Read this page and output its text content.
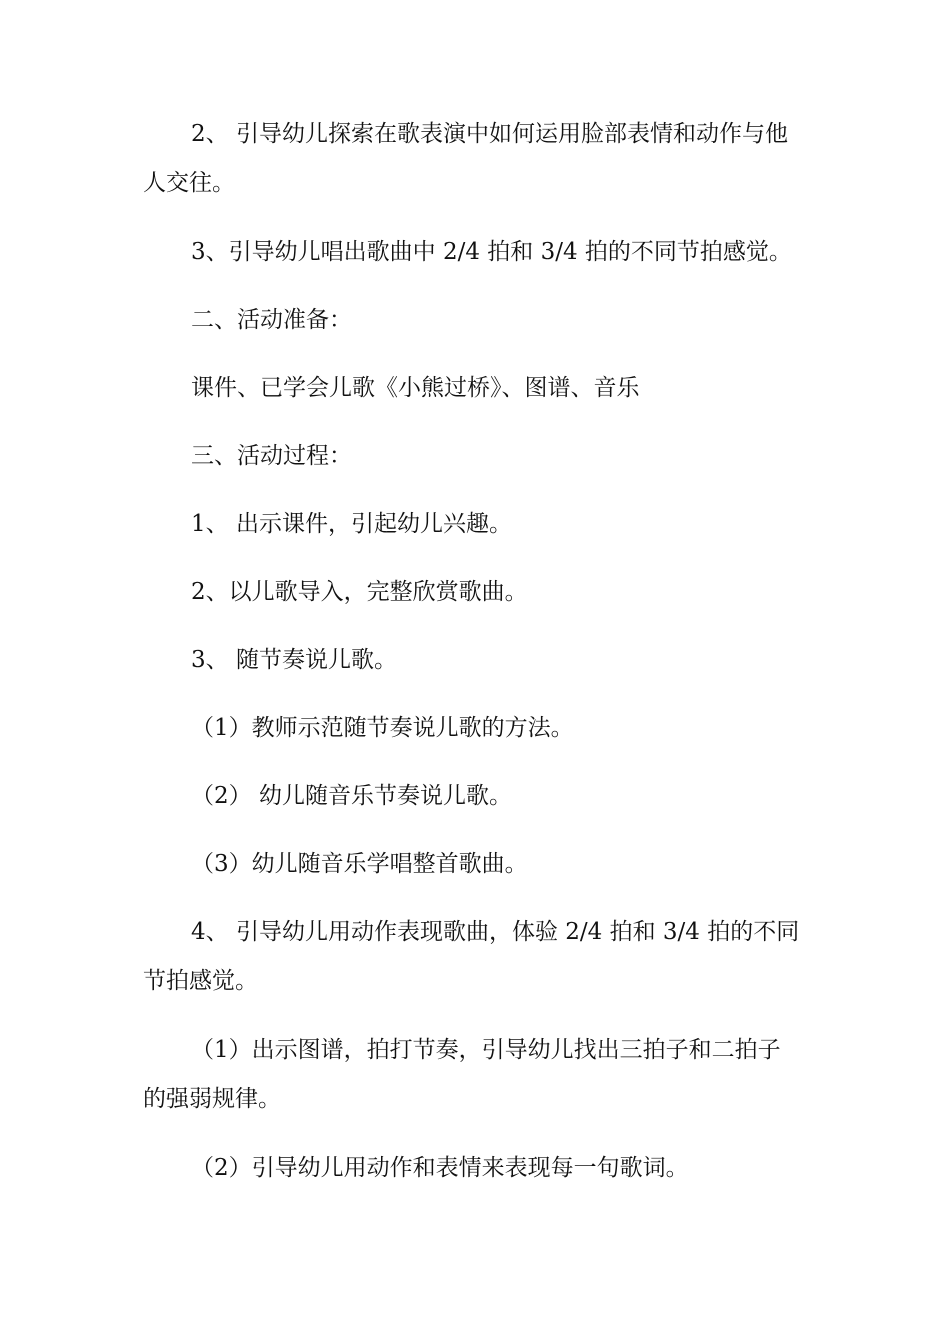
2、 引导幼儿探索在歌表演中如何运用脸部表情和动作与他

人交往。

3、引导幼儿唱出歌曲中 2/4 拍和 3/4 拍的不同节拍感觉。

二、活动准备：

课件、已学会儿歌《小熊过桥》、图谱、音乐

三、活动过程：

1、 出示课件，引起幼儿兴趣。

2、以儿歌导入，完整欣赏歌曲。

3、 随节奏说儿歌。

（1）教师示范随节奏说儿歌的方法。

（2） 幼儿随音乐节奏说儿歌。

（3）幼儿随音乐学唱整首歌曲。

4、 引导幼儿用动作表现歌曲，体验 2/4 拍和 3/4 拍的不同

节拍感觉。

（1）出示图谱，拍打节奏，引导幼儿找出三拍子和二拍子

的强弱规律。

（2）引导幼儿用动作和表情来表现每一句歌词。
